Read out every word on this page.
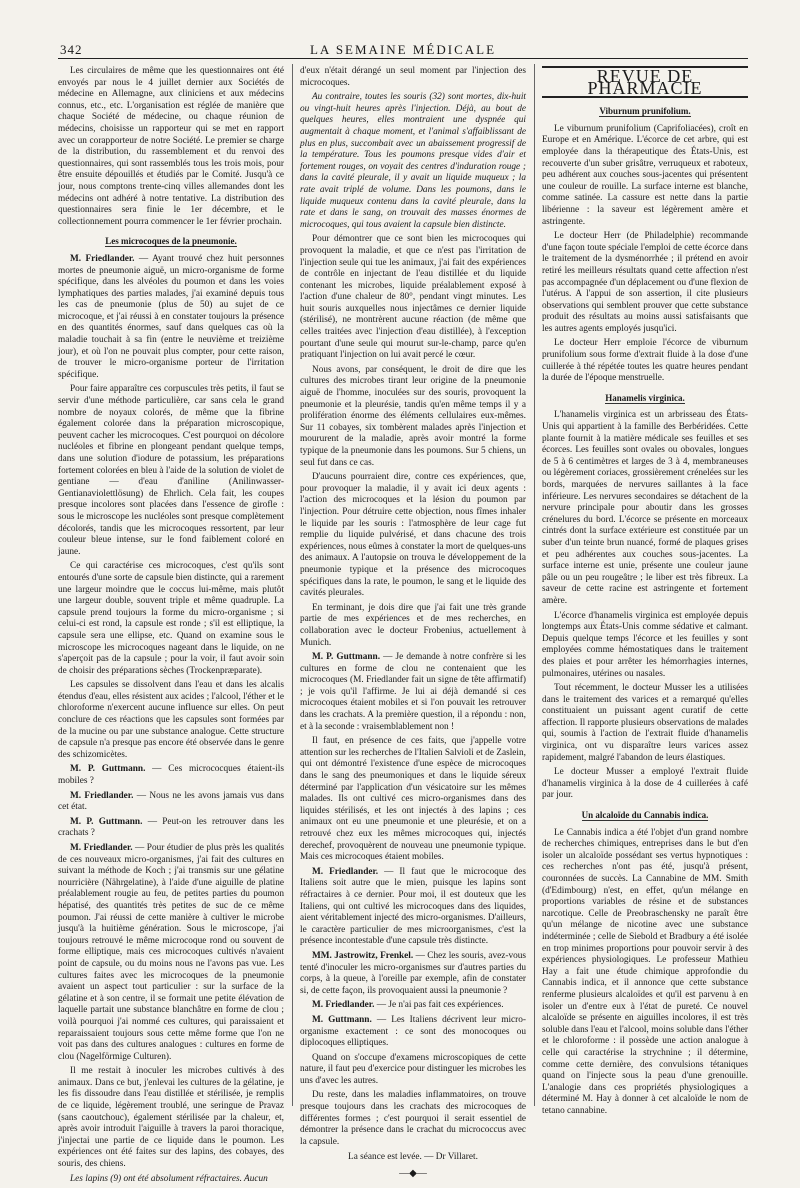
342	LA SEMAINE MÉDICALE

Les circulaires de même que les questionnaires ont été envoyés par nous le 4 juillet dernier aux Sociétés de médecine en Allemagne, aux cliniciens et aux médecins connus, etc., etc. L'organisation est réglée de manière que chaque Société de médecine, ou chaque réunion de médecins, choisisse un rapporteur qui se met en rapport avec un corapporteur de notre Société. Le premier se charge de la distribution, du rassemblement et du renvoi des questionnaires, qui sont rassemblés tous les trois mois, pour être ensuite dépouillés et étudiés par le Comité. Jusqu'à ce jour, nous comptons trente-cinq villes allemandes dont les médecins ont adhéré à notre tentative. La distribution des questionnaires sera finie le 1er décembre, et le collectionnement pourra commencer le 1er février prochain.

Les microcoques de la pneumonie.

M. Friedlander. — Ayant trouvé chez huit personnes mortes de pneumonie aiguë, un micro-organisme de forme spécifique, dans les alvéoles du poumon et dans les voies lymphatiques des parties malades, j'ai examiné depuis tous les cas de pneumonie (plus de 50) au sujet de ce microcoque, et j'ai réussi à en constater toujours la présence en des quantités énormes, sauf dans quelques cas où la maladie touchait à sa fin (entre le neuvième et treizième jour), et où l'on ne pouvait plus compter, pour cette raison, de trouver le micro-organisme porteur de l'irritation spécifique.

Pour faire apparaître ces corpuscules très petits, il faut se servir d'une méthode particulière, car sans cela le grand nombre de noyaux colorés, de même que la fibrine également colorée dans la préparation microscopique, peuvent cacher les microcoques. C'est pourquoi on décolore nucléoles et fibrine en plongeant pendant quelque temps, dans une solution d'iodure de potassium, les préparations fortement colorées en bleu à l'aide de la solution de violet de gentiane — d'eau d'aniline (Anilinwasser-Gentianaviolettlösung) de Ehrlich. Cela fait, les coupes presque incolores sont placées dans l'essence de girofle : sous le microscope les nucléoles sont presque complètement décolorés, tandis que les microcoques ressortent, par leur couleur bleue intense, sur le fond faiblement coloré en jaune.

Ce qui caractérise ces microcoques, c'est qu'ils sont entourés d'une sorte de capsule bien distincte, qui a rarement une largeur moindre que le coccus lui-même, mais plutôt une largeur double, souvent triple et même quadruple. La capsule prend toujours la forme du micro-organisme ; si celui-ci est rond, la capsule est ronde ; s'il est elliptique, la capsule sera une ellipse, etc. Quand on examine sous le microscope les microcoques nageant dans le liquide, on ne s'aperçoit pas de la capsule ; pour la voir, il faut avoir soin de choisir des préparations sèches (Trockenpræparate).

Les capsules se dissolvent dans l'eau et dans les alcalis étendus d'eau, elles résistent aux acides ; l'alcool, l'éther et le chloroforme n'exercent aucune influence sur elles. On peut conclure de ces réactions que les capsules sont formées par de la mucine ou par une substance analogue. Cette structure de capsule n'a presque pas encore été observée dans le genre des schizomicètes.

M. P. Guttmann. — Ces micrococques étaient-ils mobiles ?

M. Friedlander. — Nous ne les avons jamais vus dans cet état.

M. P. Guttmann. — Peut-on les retrouver dans les crachats ?

M. Friedlander. — Pour étudier de plus près les qualités de ces nouveaux micro-organismes, j'ai fait des cultures en suivant la méthode de Koch ; j'ai transmis sur une gélatine nourricière (Nährgelatine), à l'aide d'une aiguille de platine préalablement rougie au feu, de petites parties du poumon hépatisé, des quantités très petites de suc de ce même poumon. J'ai réussi de cette manière à cultiver le microbe jusqu'à la huitième génération. Sous le microscope, j'ai toujours retrouvé le même microcoque rond ou souvent de forme elliptique, mais ces microcoques cultivés n'avaient point de capsule, ou du moins nous ne l'avons pas vue. Les cultures faites avec les microcoques de la pneumonie avaient un aspect tout particulier : sur la surface de la gélatine et à son centre, il se formait une petite élévation de laquelle partait une substance blanchâtre en forme de clou ; voilà pourquoi j'ai nommé ces cultures, qui paraissaient et reparaissaient toujours sous cette même forme que l'on ne voit pas dans des cultures analogues : cultures en forme de clou (Nagelförmige Culturen).

Il me restait à inoculer les microbes cultivés à des animaux. Dans ce but, j'enlevai les cultures de la gélatine, je les fis dissoudre dans l'eau distillée et stérilisée, je remplis de ce liquide, légèrement troublé, une seringue de Pravaz (sans caoutchouc), également stérilisée par la chaleur, et, après avoir introduit l'aiguille à travers la paroi thoracique, j'injectai une partie de ce liquide dans le poumon. Les expériences ont été faites sur des lapins, des cobayes, des souris, des chiens.

Les lapins (9) ont été absolument réfractaires. Aucun

d'eux n'était dérangé un seul moment par l'injection des microcoques.

Au contraire, toutes les souris (32) sont mortes, dix-huit ou vingt-huit heures après l'injection. Déjà, au bout de quelques heures, elles montraient une dyspnée qui augmentait à chaque moment, et l'animal s'affaiblissant de plus en plus, succombait avec un abaissement progressif de la température. Tous les poumons presque vides d'air et fortement rouges, on voyait des centres d'induration rouge ; dans la cavité pleurale, il y avait un liquide muqueux ; la rate avait triplé de volume. Dans les poumons, dans le liquide muqueux contenu dans la cavité pleurale, dans la rate et dans le sang, on trouvait des masses énormes de microcoques, qui tous avaient la capsule bien distincte.

Pour démontrer que ce sont bien les microcoques qui provoquent la maladie, et que ce n'est pas l'irritation de l'injection seule qui tue les animaux, j'ai fait des expériences de contrôle en injectant de l'eau distillée et du liquide contenant les microbes, liquide préalablement exposé à l'action d'une chaleur de 80°, pendant vingt minutes. Les huit souris auxquelles nous injectâmes ce dernier liquide (stérilisé), ne montrèrent aucune réaction (de même que celles traitées avec l'injection d'eau distillée), à l'exception pourtant d'une seule qui mourut sur-le-champ, parce qu'en pratiquant l'injection on lui avait percé le cœur.

Nous avons, par conséquent, le droit de dire que les cultures des microbes tirant leur origine de la pneumonie aiguë de l'homme, inoculées sur des souris, provoquent la pneumonie et la pleurésie, tandis qu'en même temps il y a prolifération énorme des éléments cellulaires eux-mêmes. Sur 11 cobayes, six tombèrent malades après l'injection et moururent de la maladie, après avoir montré la forme typique de la pneumonie dans les poumons. Sur 5 chiens, un seul fut dans ce cas.

D'aucuns pourraient dire, contre ces expériences, que, pour provoquer la maladie, il y avait ici deux agents : l'action des microcoques et la lésion du poumon par l'injection. Pour détruire cette objection, nous fîmes inhaler le liquide par les souris : l'atmosphère de leur cage fut remplie du liquide pulvérisé, et dans chacune des trois expériences, nous eûmes à constater la mort de quelques-uns des animaux. A l'autopsie on trouva le développement de la pneumonie typique et la présence des microcoques spécifiques dans la rate, le poumon, le sang et le liquide des cavités pleurales.

En terminant, je dois dire que j'ai fait une très grande partie de mes expériences et de mes recherches, en collaboration avec le docteur Frobenius, actuellement à Munich.

M. P. Guttmann. — Je demande à notre confrère si les cultures en forme de clou ne contenaient que les microcoques (M. Friedlander fait un signe de tête affirmatif) ; je vois qu'il l'affirme. Je lui ai déjà demandé si ces microcoques étaient mobiles et si l'on pouvait les retrouver dans les crachats. A la première question, il a répondu : non, et à la seconde : vraisemblablement non !

Il faut, en présence de ces faits, que j'appelle votre attention sur les recherches de l'Italien Salvioli et de Zaslein, qui ont démontré l'existence d'une espèce de microcoques dans le sang des pneumoniques et dans le liquide séreux déterminé par l'application d'un vésicatoire sur les mêmes malades. Ils ont cultivé ces micro-organismes dans des liquides stérilisés, et les ont injectés à des lapins ; ces animaux ont eu une pneumonie et une pleurésie, et on a retrouvé chez eux les mêmes microcoques qui, injectés derechef, provoquèrent de nouveau une pneumonie typique. Mais ces microcoques étaient mobiles.

M. Friedlander. — Il faut que le microcoque des Italiens soit autre que le mien, puisque les lapins sont réfractaires à ce dernier. Pour moi, il est douteux que les Italiens, qui ont cultivé les microcoques dans des liquides, aient véritablement injecté des micro-organismes. D'ailleurs, le caractère particulier de mes microorganismes, c'est la présence incontestable d'une capsule très distincte.

MM. Jastrowitz, Frenkel. — Chez les souris, avez-vous tenté d'inoculer les micro-organismes sur d'autres parties du corps, à la queue, à l'oreille par exemple, afin de constater si, de cette façon, ils provoquaient aussi la pneumonie ?

M. Friedlander. — Je n'ai pas fait ces expériences.

M. Guttmann. — Les Italiens décrivent leur micro-organisme exactement : ce sont des monocoques ou diplocoques elliptiques.

Quand on s'occupe d'examens microscopiques de cette nature, il faut peu d'exercice pour distinguer les microbes les uns d'avec les autres.

Du reste, dans les maladies inflammatoires, on trouve presque toujours dans les crachats des microcoques de différentes formes ; c'est pourquoi il serait essentiel de démontrer la présence dans le crachat du micrococcus avec la capsule.

La séance est levée. — Dr Villaret.
—◆—
REVUE DE PHARMACIE
Viburnum prunifolium.

Le viburnum prunifolium (Caprifoliacées), croît en Europe et en Amérique. L'écorce de cet arbre, qui est employée dans la thérapeutique des États-Unis, est recouverte d'un suber grisâtre, verruqueux et raboteux, peu adhérent aux couches sous-jacentes qui présentent une couleur de rouille. La surface interne est blanche, comme satinée. La cassure est nette dans la partie libérienne : la saveur est légèrement amère et astringente.

Le docteur Herr (de Philadelphie) recommande d'une façon toute spéciale l'emploi de cette écorce dans le traitement de la dysménorrhée ; il prétend en avoir retiré les meilleurs résultats quand cette affection n'est pas accompagnée d'un déplacement ou d'une flexion de l'utérus. A l'appui de son assertion, il cite plusieurs observations qui semblent prouver que cette substance produit des résultats au moins aussi satisfaisants que les autres agents employés jusqu'ici.

Le docteur Herr emploie l'écorce de viburnum prunifolium sous forme d'extrait fluide à la dose d'une cuillerée à thé répétée toutes les quatre heures pendant la durée de l'époque menstruelle.

Hanamelis virginica.

L'hanamelis virginica est un arbrisseau des États-Unis qui appartient à la famille des Berbéridées. Cette plante fournit à la matière médicale ses feuilles et ses écorces. Les feuilles sont ovales ou obovales, longues de 5 à 6 centimètres et larges de 3 à 4, membraneuses ou légèrement coriaces, grossièrement crénelées sur les bords, marquées de nervures saillantes à la face inférieure. Les nervures secondaires se détachent de la nervure principale pour aboutir dans les grosses crénelures du bord. L'écorce se présente en morceaux cintrés dont la surface extérieure est constituée par un suber d'un teinte brun nuancé, formé de plaques grises et peu adhérentes aux couches sous-jacentes. La surface interne est unie, présente une couleur jaune pâle ou un peu rougeâtre ; le liber est très fibreux. La saveur de cette racine est astringente et fortement amère.

L'écorce d'hanamelis virginica est employée depuis longtemps aux États-Unis comme sédative et calmant. Depuis quelque temps l'écorce et les feuilles y sont employées comme hémostatiques dans le traitement des plaies et pour arrêter les hémorrhagies internes, pulmonaires, utérines ou nasales.

Tout récemment, le docteur Musser les a utilisées dans le traitement des varices et a remarqué qu'elles constituaient un puissant agent curatif de cette affection. Il rapporte plusieurs observations de malades qui, soumis à l'action de l'extrait fluide d'hanamelis virginica, ont vu disparaître leurs varices assez rapidement, malgré l'abandon de leurs élastiques.

Le docteur Musser a employé l'extrait fluide d'hanamelis virginica à la dose de 4 cuillerées à café par jour.

Un alcaloïde du Cannabis indica.

Le Cannabis indica a été l'objet d'un grand nombre de recherches chimiques, entreprises dans le but d'en isoler un alcaloïde possédant ses vertus hypnotiques : ces recherches n'ont pas été, jusqu'à présent, couronnées de succès. La Cannabine de MM. Smith (d'Edimbourg) n'est, en effet, qu'un mélange en proportions variables de résine et de substances narcotique. Celle de Preobraschensky ne paraît être qu'un mélange de nicotine avec une substance indéterminée ; celle de Siebold et Bradbury a été isolée en trop minimes proportions pour pouvoir servir à des expériences physiologiques. Le professeur Mathieu Hay a fait une étude chimique approfondie du Cannabis indica, et il annonce que cette substance renferme plusieurs alcaloïdes et qu'il est parvenu à en isoler un d'entre eux à l'état de pureté. Ce nouvel alcaloïde se présente en aiguilles incolores, il est très soluble dans l'eau et l'alcool, moins soluble dans l'éther et le chloroforme : il possède une action analogue à celle qui caractérise la strychnine ; il détermine, comme cette dernière, des convulsions tétaniques quand on l'injecte sous la peau d'une grenouille. L'analogie dans ces propriétés physiologiques a déterminé M. Hay à donner à cet alcaloïde le nom de tetano cannabine.
